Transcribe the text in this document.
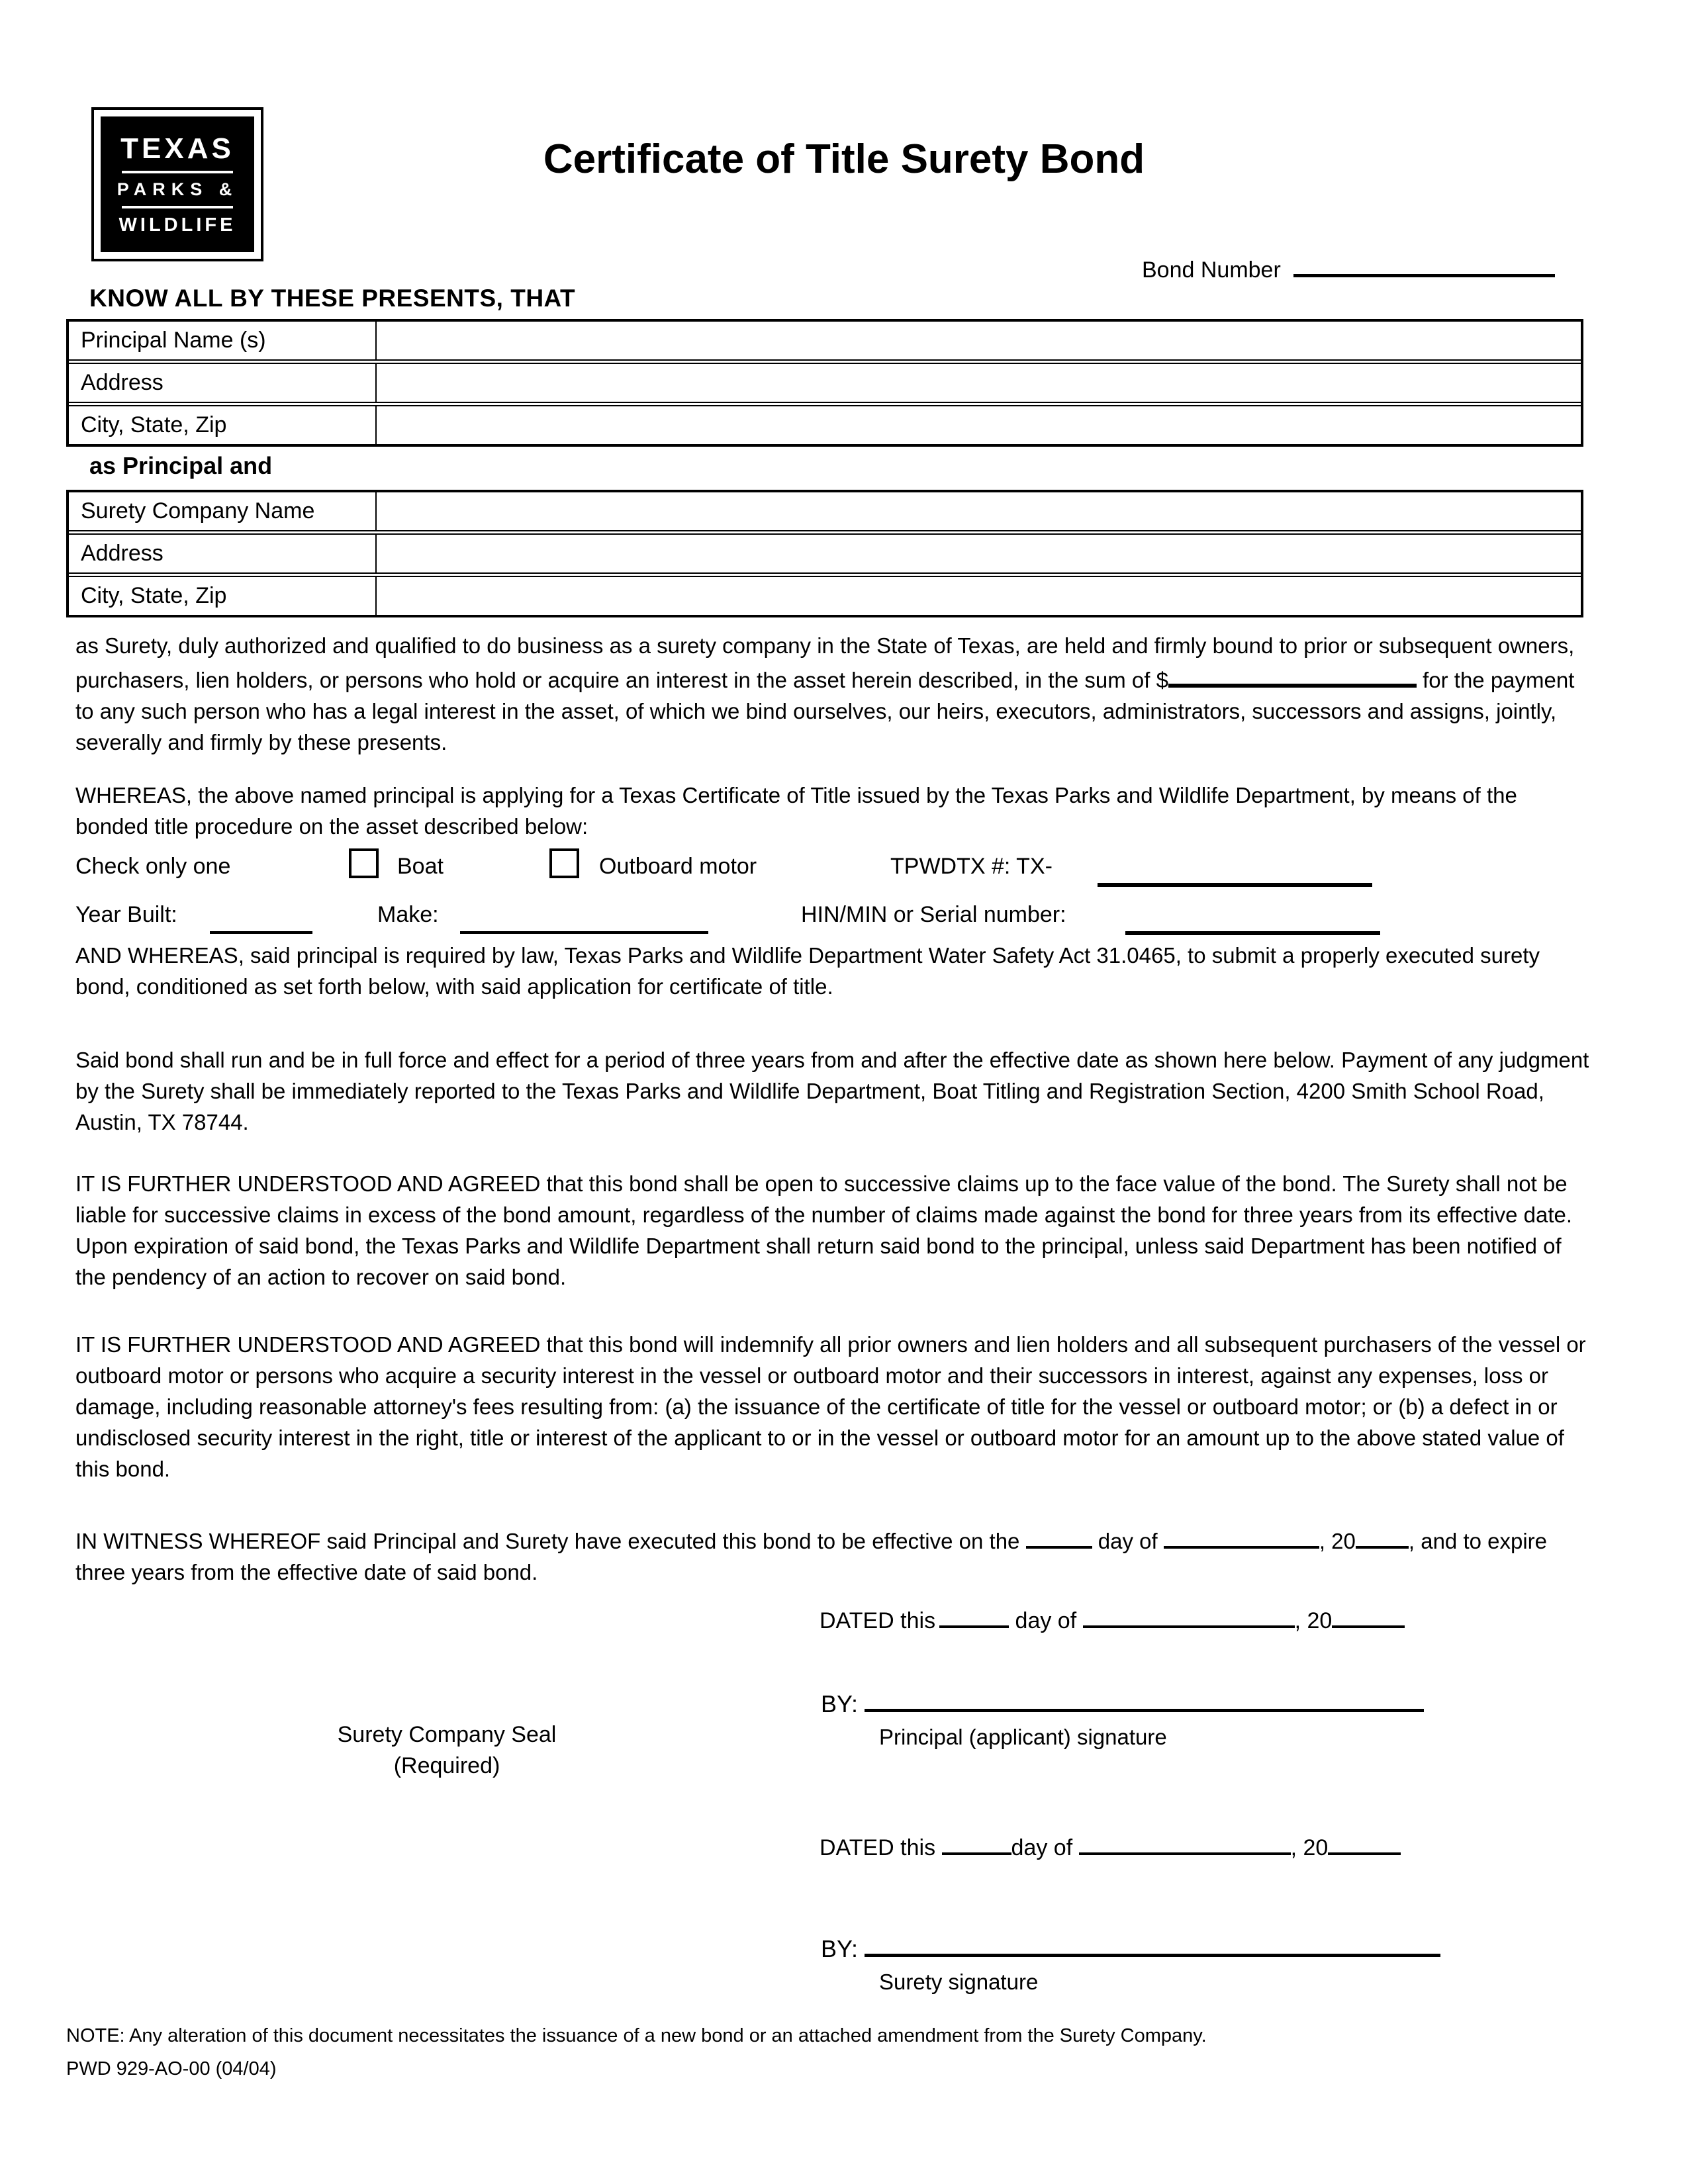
TEXAS
PARKS &
WILDLIFE
Certificate of Title Surety Bond
Bond Number
KNOW ALL BY THESE PRESENTS, THAT
Principal Name (s)
Address
City, State, Zip
as Principal and
Surety Company Name
Address
City, State, Zip

as Surety, duly authorized and qualified to do business as a surety company in the State of Texas, are held and firmly bound to prior or subsequent owners, purchasers, lien holders, or persons who hold or acquire an interest in the asset herein described, in the sum of $	for the payment to any such person who has a legal interest in the asset, of which we bind ourselves, our heirs, executors, administrators, successors and assigns, jointly, severally and firmly by these presents.

WHEREAS, the above named principal is applying for a Texas Certificate of Title issued by the Texas Parks and Wildlife Department, by means of the bonded title procedure on the asset described below:

Check only one	Boat	Outboard motor	TPWDTX #: TX-
Year Built:	Make:	HIN/MIN or Serial number:

AND WHEREAS, said principal is required by law, Texas Parks and Wildlife Department Water Safety Act 31.0465, to submit a properly executed surety bond, conditioned as set forth below, with said application for certificate of title.

Said bond shall run and be in full force and effect for a period of three years from and after the effective date as shown here below. Payment of any judgment by the Surety shall be immediately reported to the Texas Parks and Wildlife Department, Boat Titling and Registration Section, 4200 Smith School Road, Austin, TX 78744.

IT IS FURTHER UNDERSTOOD AND AGREED that this bond shall be open to successive claims up to the face value of the bond. The Surety shall not be liable for successive claims in excess of the bond amount, regardless of the number of claims made against the bond for three years from its effective date. Upon expiration of said bond, the Texas Parks and Wildlife Department shall return said bond to the principal, unless said Department has been notified of the pendency of an action to recover on said bond.

IT IS FURTHER UNDERSTOOD AND AGREED that this bond will indemnify all prior owners and lien holders and all subsequent purchasers of the vessel or outboard motor or persons who acquire a security interest in the vessel or outboard motor and their successors in interest, against any expenses, loss or damage, including reasonable attorney's fees resulting from: (a) the issuance of the certificate of title for the vessel or outboard motor; or (b) a defect in or undisclosed security interest in the right, title or interest of the applicant to or in the vessel or outboard motor for an amount up to the above stated value of this bond.

IN WITNESS WHEREOF said Principal and Surety have executed this bond to be effective on the	day of	, 20 , and to expire three years from the effective date of said bond.

DATED this	day of	, 20
BY:

Principal (applicant) signature

Surety Company Seal
(Required)
DATED this	day of	, 20
BY:

Surety signature

NOTE: Any alteration of this document necessitates the issuance of a new bond or an attached amendment from the Surety Company.

PWD 929-AO-00 (04/04)
